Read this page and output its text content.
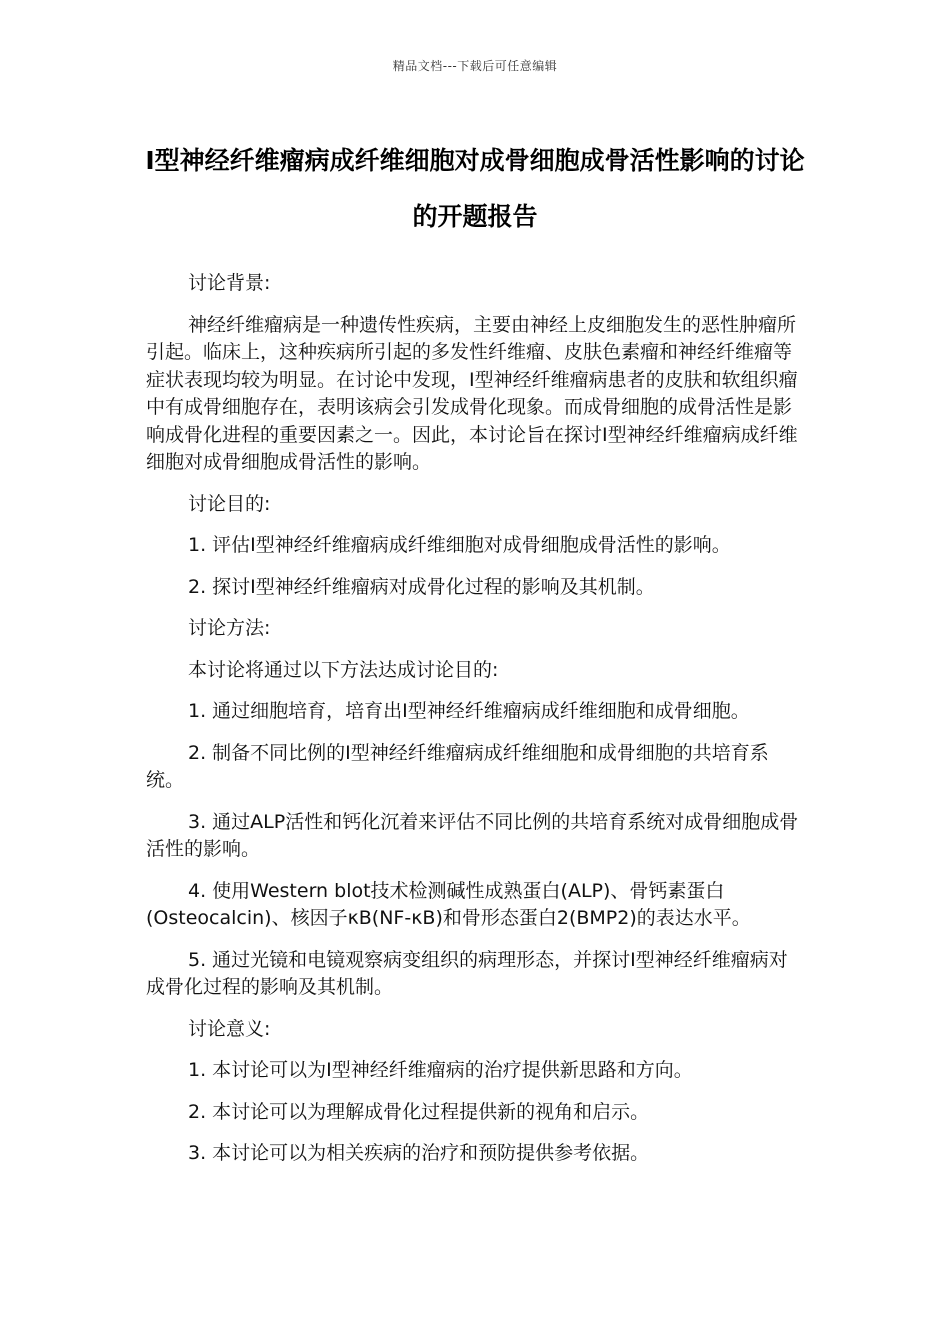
精品文档---下载后可任意编辑
I型神经纤维瘤病成纤维细胞对成骨细胞成骨活性影响的讨论的开题报告

讨论背景:

神经纤维瘤病是一种遗传性疾病，主要由神经上皮细胞发生的恶性肿瘤所引起。临床上，这种疾病所引起的多发性纤维瘤、皮肤色素瘤和神经纤维瘤等症状表现均较为明显。在讨论中发现，I型神经纤维瘤病患者的皮肤和软组织瘤中有成骨细胞存在，表明该病会引发成骨化现象。而成骨细胞的成骨活性是影响成骨化进程的重要因素之一。因此，本讨论旨在探讨I型神经纤维瘤病成纤维细胞对成骨细胞成骨活性的影响。

讨论目的:

1. 评估I型神经纤维瘤病成纤维细胞对成骨细胞成骨活性的影响。

2. 探讨I型神经纤维瘤病对成骨化过程的影响及其机制。

讨论方法:

本讨论将通过以下方法达成讨论目的:

1. 通过细胞培育，培育出I型神经纤维瘤病成纤维细胞和成骨细胞。

2. 制备不同比例的I型神经纤维瘤病成纤维细胞和成骨细胞的共培育系统。

3. 通过ALP活性和钙化沉着来评估不同比例的共培育系统对成骨细胞成骨活性的影响。

4. 使用Western blot技术检测碱性成熟蛋白(ALP)、骨钙素蛋白(Osteocalcin)、核因子κB(NF-κB)和骨形态蛋白2(BMP2)的表达水平。

5. 通过光镜和电镜观察病变组织的病理形态，并探讨I型神经纤维瘤病对成骨化过程的影响及其机制。

讨论意义:

1. 本讨论可以为I型神经纤维瘤病的治疗提供新思路和方向。

2. 本讨论可以为理解成骨化过程提供新的视角和启示。

3. 本讨论可以为相关疾病的治疗和预防提供参考依据。
